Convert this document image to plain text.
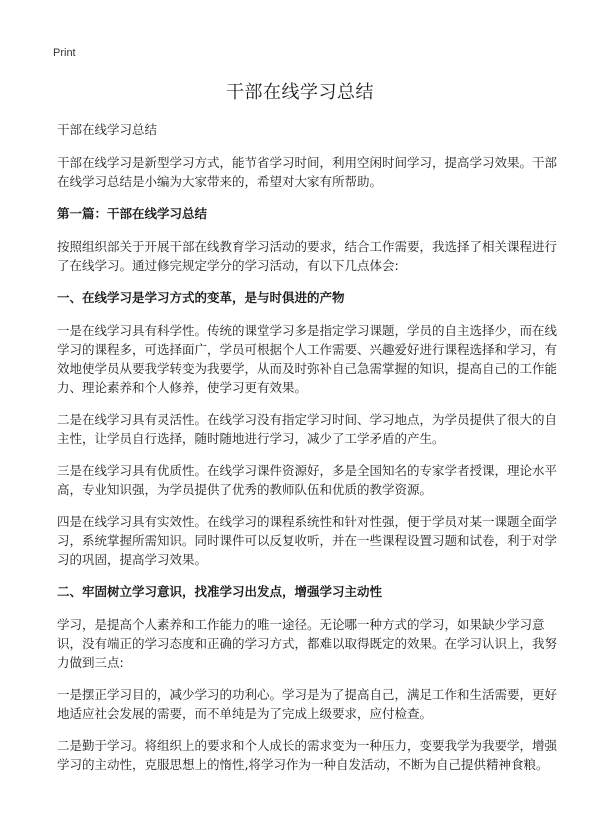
Print
干部在线学习总结

干部在线学习总结

干部在线学习是新型学习方式，能节省学习时间，利用空闲时间学习，提高学习效果。干部在线学习总结是小编为大家带来的，希望对大家有所帮助。

第一篇：干部在线学习总结

按照组织部关于开展干部在线教育学习活动的要求，结合工作需要，我选择了相关课程进行了在线学习。通过修完规定学分的学习活动，有以下几点体会:

一、在线学习是学习方式的变革，是与时俱进的产物

一是在线学习具有科学性。传统的课堂学习多是指定学习课题，学员的自主选择少，而在线学习的课程多，可选择面广，学员可根据个人工作需要、兴趣爱好进行课程选择和学习，有效地使学员从要我学转变为我要学，从而及时弥补自己急需掌握的知识，提高自己的工作能力、理论素养和个人修养，使学习更有效果。

二是在线学习具有灵活性。在线学习没有指定学习时间、学习地点，为学员提供了很大的自主性，让学员自行选择，随时随地进行学习，减少了工学矛盾的产生。

三是在线学习具有优质性。在线学习课件资源好，多是全国知名的专家学者授课，理论水平高，专业知识强，为学员提供了优秀的教师队伍和优质的教学资源。

四是在线学习具有实效性。在线学习的课程系统性和针对性强，便于学员对某一课题全面学习，系统掌握所需知识。同时课件可以反复收听，并在一些课程设置习题和试卷，利于对学习的巩固，提高学习效果。

二、牢固树立学习意识，找准学习出发点，增强学习主动性

学习，是提高个人素养和工作能力的唯一途径。无论哪一种方式的学习，如果缺少学习意识，没有端正的学习态度和正确的学习方式，都难以取得既定的效果。在学习认识上，我努力做到三点:

一是摆正学习目的，减少学习的功利心。学习是为了提高自己，满足工作和生活需要，更好地适应社会发展的需要，而不单纯是为了完成上级要求，应付检查。

二是勤于学习。将组织上的要求和个人成长的需求变为一种压力，变要我学为我要学，增强学习的主动性，克服思想上的惰性,将学习作为一种自发活动，不断为自己提供精神食粮。
